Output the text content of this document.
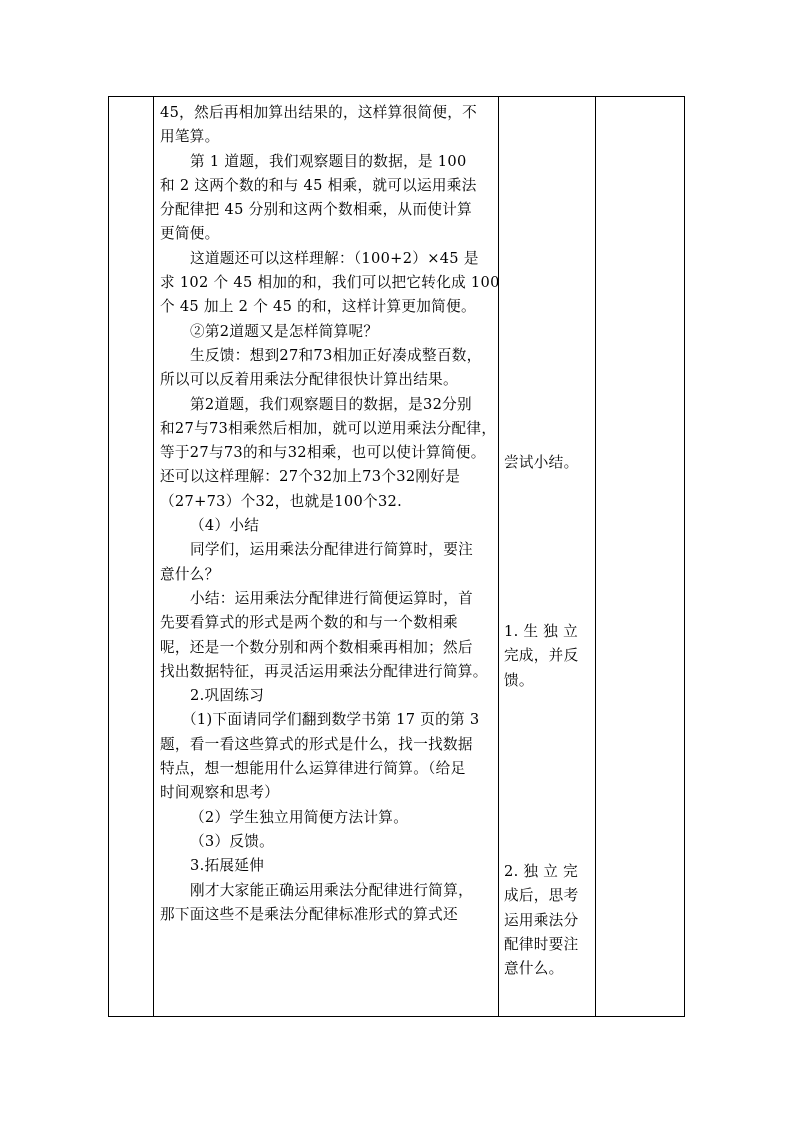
45，然后再相加算出结果的，这样算很简便，不

用笔算。

第 1 道题，我们观察题目的数据，是 100

和 2 这两个数的和与 45 相乘，就可以运用乘法

分配律把 45 分别和这两个数相乘，从而使计算

更简便。

这道题还可以这样理解：（100+2）×45 是

求 102 个 45 相加的和，我们可以把它转化成 100

个 45 加上 2 个 45 的和，这样计算更加简便。

②第2道题又是怎样简算呢？

生反馈：想到27和73相加正好凑成整百数，

所以可以反着用乘法分配律很快计算出结果。

第2道题，我们观察题目的数据，是32分别

和27与73相乘然后相加，就可以逆用乘法分配律，

等于27与73的和与32相乘，也可以使计算简便。

还可以这样理解：27个32加上73个32刚好是

（27+73）个32，也就是100个32.

（4）小结

同学们，运用乘法分配律进行简算时，要注

意什么？

小结：运用乘法分配律进行简便运算时，首

先要看算式的形式是两个数的和与一个数相乘

呢，还是一个数分别和两个数相乘再相加；然后

找出数据特征，再灵活运用乘法分配律进行简算。

2.巩固练习

（1)下面请同学们翻到数学书第 17 页的第 3

题，看一看这些算式的形式是什么，找一找数据

特点，想一想能用什么运算律进行简算。（给足

时间观察和思考）

（2）学生独立用简便方法计算。

（3）反馈。

3.拓展延伸

刚才大家能正确运用乘法分配律进行简算，

那下面这些不是乘法分配律标准形式的算式还

尝试小结。

1. 生 独 立

完成，并反

馈。

2. 独 立 完

成后，思考

运用乘法分

配律时要注

意什么。
